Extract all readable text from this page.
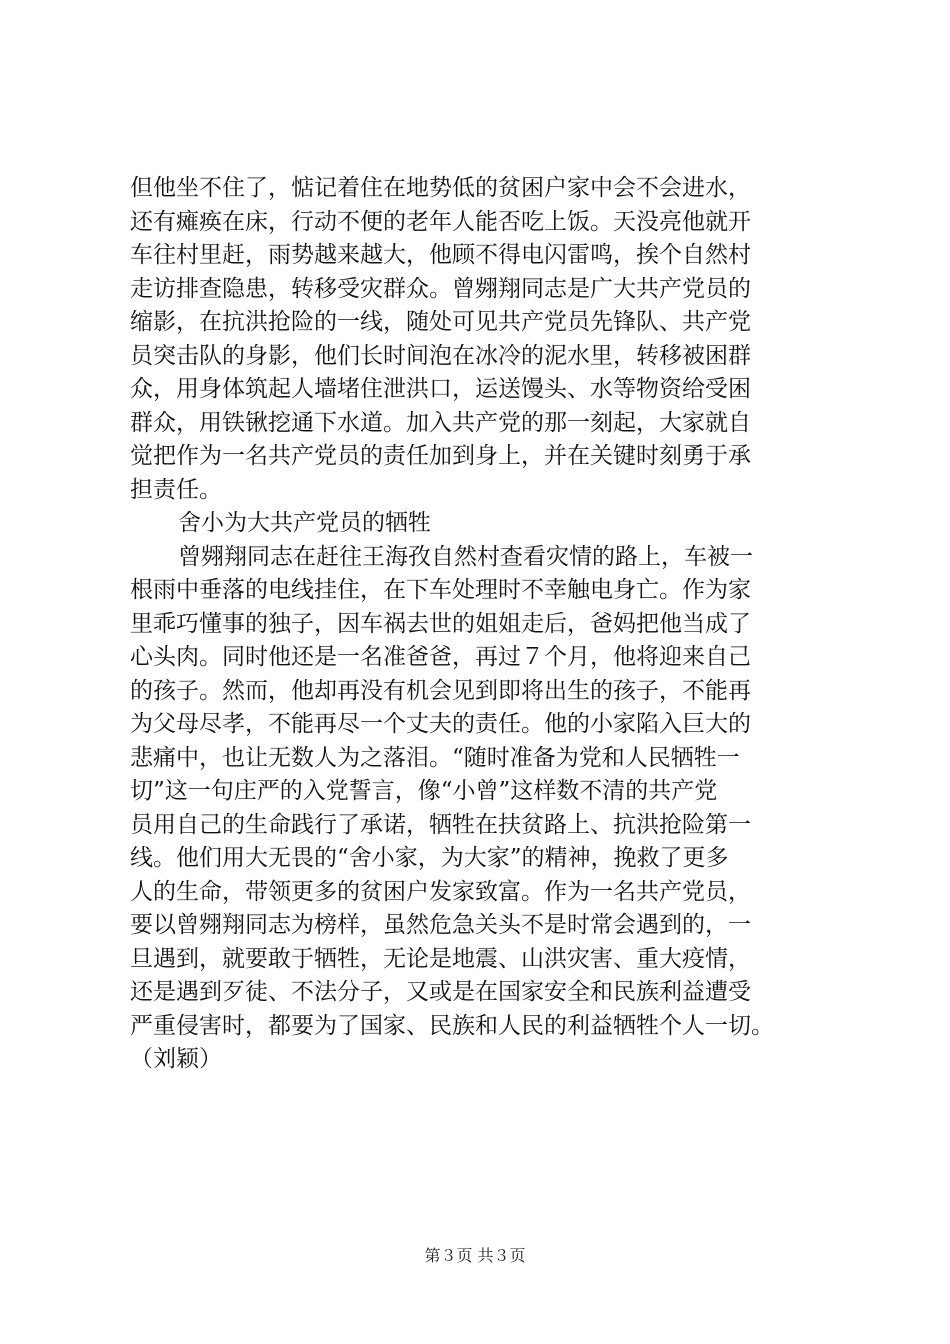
但他坐不住了，惦记着住在地势低的贫困户家中会不会进水，
还有瘫痪在床，行动不便的老年人能否吃上饭。天没亮他就开
车往村里赶，雨势越来越大，他顾不得电闪雷鸣，挨个自然村
走访排查隐患，转移受灾群众。曾翙翔同志是广大共产党员的
缩影，在抗洪抢险的一线，随处可见共产党员先锋队、共产党
员突击队的身影，他们长时间泡在冰冷的泥水里，转移被困群
众，用身体筑起人墙堵住泄洪口，运送馒头、水等物资给受困
群众，用铁锹挖通下水道。加入共产党的那一刻起，大家就自
觉把作为一名共产党员的责任加到身上，并在关键时刻勇于承
担责任。
舍小为大共产党员的牺牲
曾翙翔同志在赶往王海孜自然村查看灾情的路上，车被一
根雨中垂落的电线挂住，在下车处理时不幸触电身亡。作为家
里乖巧懂事的独子，因车祸去世的姐姐走后，爸妈把他当成了
心头肉。同时他还是一名准爸爸，再过７个月，他将迎来自己
的孩子。然而，他却再没有机会见到即将出生的孩子，不能再
为父母尽孝，不能再尽一个丈夫的责任。他的小家陷入巨大的
悲痛中，也让无数人为之落泪。“随时准备为党和人民牺牲一
切”这一句庄严的入党誓言，像“小曾”这样数不清的共产党
员用自己的生命践行了承诺，牺牲在扶贫路上、抗洪抢险第一
线。他们用大无畏的“舍小家，为大家”的精神，挽救了更多
人的生命，带领更多的贫困户发家致富。作为一名共产党员，
要以曾翙翔同志为榜样，虽然危急关头不是时常会遇到的，一
旦遇到，就要敢于牺牲，无论是地震、山洪灾害、重大疫情，
还是遇到歹徒、不法分子，又或是在国家安全和民族利益遭受
严重侵害时，都要为了国家、民族和人民的利益牺牲个人一切。
（刘颖）
第３页 共３页
